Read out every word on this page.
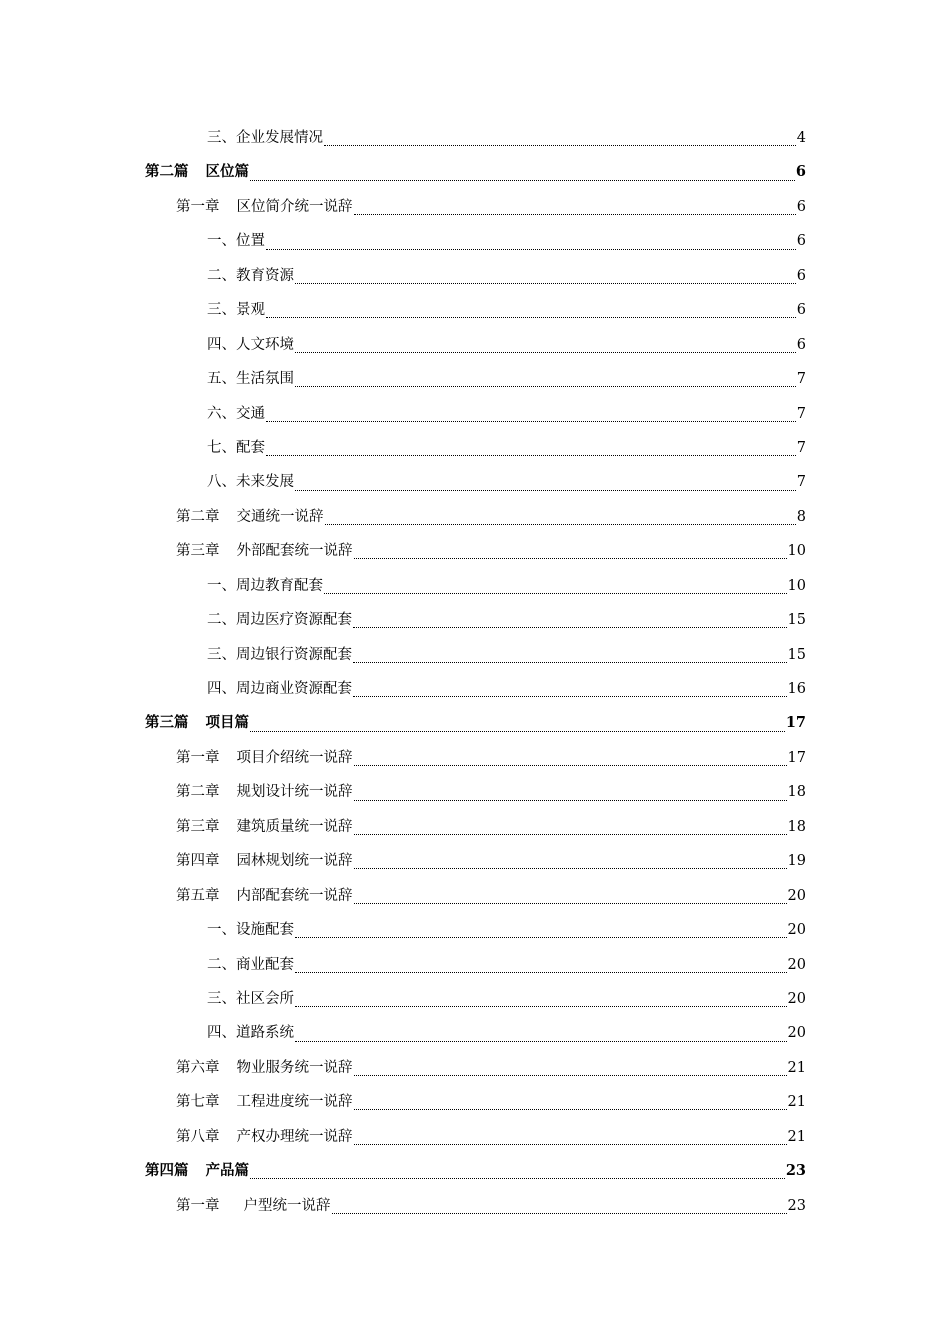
三、 企业发展情况	4
第二篇 区位篇	6
第一章 区位简介统一说辞	6
一、 位置	6
二、 教育资源	6
三、 景观	6
四、 人文环境	6
五、 生活氛围	7
六、 交通	7
七、 配套	7
八、 未来发展	7
第二章 交通统一说辞	8
第三章 外部配套统一说辞	10
一、 周边教育配套	10
二、 周边医疗资源配套	15
三、 周边银行资源配套	15
四、 周边商业资源配套	16
第三篇 项目篇	17
第一章 项目介绍统一说辞	17
第二章 规划设计统一说辞	18
第三章 建筑质量统一说辞	18
第四章 园林规划统一说辞	19
第五章 内部配套统一说辞	20
一、 设施配套	20
二、 商业配套	20
三、 社区会所	20
四、 道路系统	20
第六章 物业服务统一说辞	21
第七章 工程进度统一说辞	21
第八章 产权办理统一说辞	21
第四篇 产品篇	23
第一章 户型统一说辞	23
